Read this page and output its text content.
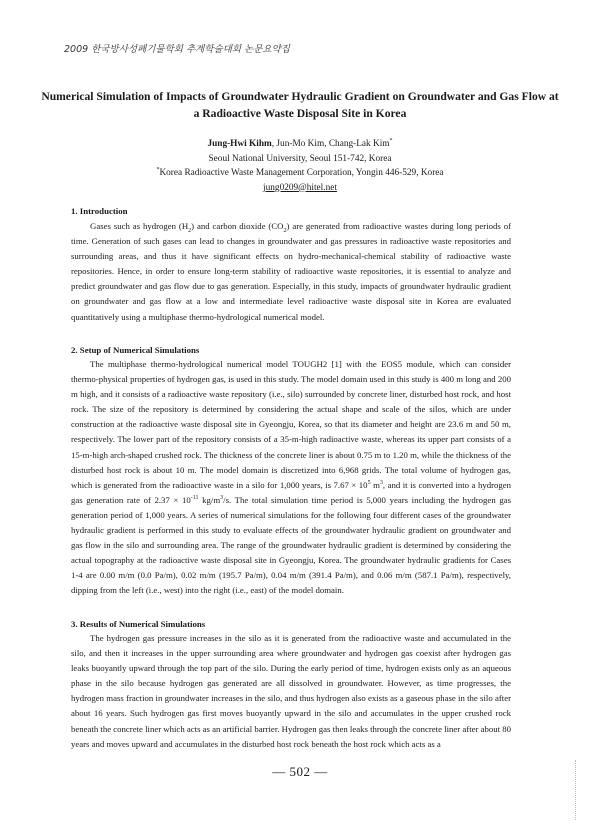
2009 한국방사성폐기물학회 추계학술대회 논문요약집
Numerical Simulation of Impacts of Groundwater Hydraulic Gradient on Groundwater and Gas Flow at a Radioactive Waste Disposal Site in Korea
Jung-Hwi Kihm, Jun-Mo Kim, Chang-Lak Kim*
Seoul National University, Seoul 151-742, Korea
*Korea Radioactive Waste Management Corporation, Yongin 446-529, Korea
jung0209@hitel.net
1. Introduction
Gases such as hydrogen $(H_2)$ and carbon dioxide $(CO_2)$ are generated from radioactive wastes during long periods of time. Generation of such gases can lead to changes in groundwater and gas pressures in radioactive waste repositories and surrounding areas, and thus it have significant effects on hydro-mechanical-chemical stability of radioactive waste repositories. Hence, in order to ensure long-term stability of radioactive waste repositories, it is essential to analyze and predict groundwater and gas flow due to gas generation. Especially, in this study, impacts of groundwater hydraulic gradient on groundwater and gas flow at a low and intermediate level radioactive waste disposal site in Korea are evaluated quantitatively using a multiphase thermo-hydrological numerical model.
2. Setup of Numerical Simulations
The multiphase thermo-hydrological numerical model TOUGH2 [1] with the EOS5 module, which can consider thermo-physical properties of hydrogen gas, is used in this study. The model domain used in this study is 400 m long and 200 m high, and it consists of a radioactive waste repository (i.e., silo) surrounded by concrete liner, disturbed host rock, and host rock. The size of the repository is determined by considering the actual shape and scale of the silos, which are under construction at the radioactive waste disposal site in Gyeongju, Korea, so that its diameter and height are 23.6 m and 50 m, respectively. The lower part of the repository consists of a 35-m-high radioactive waste, whereas its upper part consists of a 15-m-high arch-shaped crushed rock. The thickness of the concrete liner is about 0.75 m to 1.20 m, while the thickness of the disturbed host rock is about 10 m. The model domain is discretized into 6,968 grids. The total volume of hydrogen gas, which is generated from the radioactive waste in a silo for 1,000 years, is $7.67 \times 10^5$ $m^3$, and it is converted into a hydrogen gas generation rate of $2.37 \times 10^{-11}$ $kg/m^3/s$. The total simulation time period is 5,000 years including the hydrogen gas generation period of 1,000 years. A series of numerical simulations for the following four different cases of the groundwater hydraulic gradient is performed in this study to evaluate effects of the groundwater hydraulic gradient on groundwater and gas flow in the silo and surrounding area. The range of the groundwater hydraulic gradient is determined by considering the actual topography at the radioactive waste disposal site in Gyeongju, Korea. The groundwater hydraulic gradients for Cases 1-4 are 0.00 m/m (0.0 Pa/m), 0.02 m/m (195.7 Pa/m), 0.04 m/m (391.4 Pa/m), and 0.06 m/m (587.1 Pa/m), respectively, dipping from the left (i.e., west) into the right (i.e., east) of the model domain.
3. Results of Numerical Simulations
The hydrogen gas pressure increases in the silo as it is generated from the radioactive waste and accumulated in the silo, and then it increases in the upper surrounding area where groundwater and hydrogen gas coexist after hydrogen gas leaks buoyantly upward through the top part of the silo. During the early period of time, hydrogen exists only as an aqueous phase in the silo because hydrogen gas generated are all dissolved in groundwater. However, as time progresses, the hydrogen mass fraction in groundwater increases in the silo, and thus hydrogen also exists as a gaseous phase in the silo after about 16 years. Such hydrogen gas first moves buoyantly upward in the silo and accumulates in the upper crushed rock beneath the concrete liner which acts as an artificial barrier. Hydrogen gas then leaks through the concrete liner after about 80 years and moves upward and accumulates in the disturbed host rock beneath the host rock which acts as a
— 502 —
